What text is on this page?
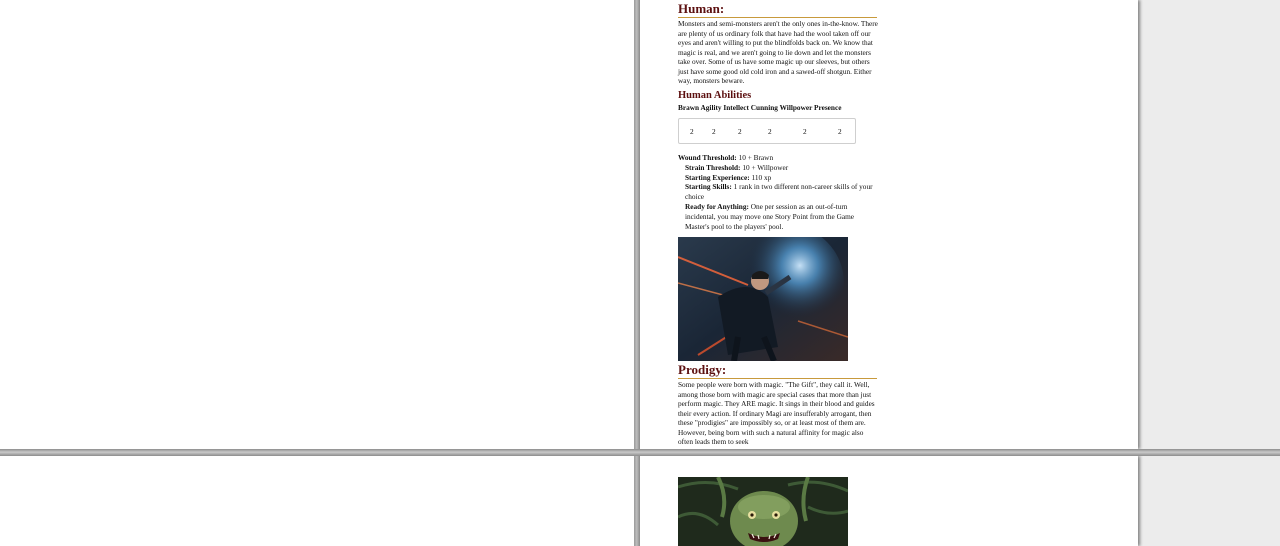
Human:

Monsters and semi-monsters aren't the only ones in-the-know. There are plenty of us ordinary folk that have had the wool taken off our eyes and aren't willing to put the blindfolds back on. We know that magic is real, and we aren't going to lie down and let the monsters take over. Some of us have some magic up our sleeves, but others just have some good old cold iron and a sawed-off shotgun. Either way, monsters beware.

Human Abilities
Brawn Agility Intellect Cunning Willpower Presence
2	2	2	2	2	2
Wound Threshold: 10 + Brawn
Strain Threshold: 10 + Willpower
Starting Experience: 110 xp
Starting Skills: 1 rank in two different non-career skills of your choice
Ready for Anything: One per session as an out-of-turn incidental, you may move one Story Point from the Game Master's pool to the players' pool.
Prodigy:

Some people were born with magic. "The Gift", they call it. Well, among those born with magic are special cases that more than just perform magic. They ARE magic. It sings in their blood and guides their every action. If ordinary Magi are insufferably arrogant, then these "prodigies" are impossibly so, or at least most of them are. However, being born with such a natural affinity for magic also often leads them to seek
